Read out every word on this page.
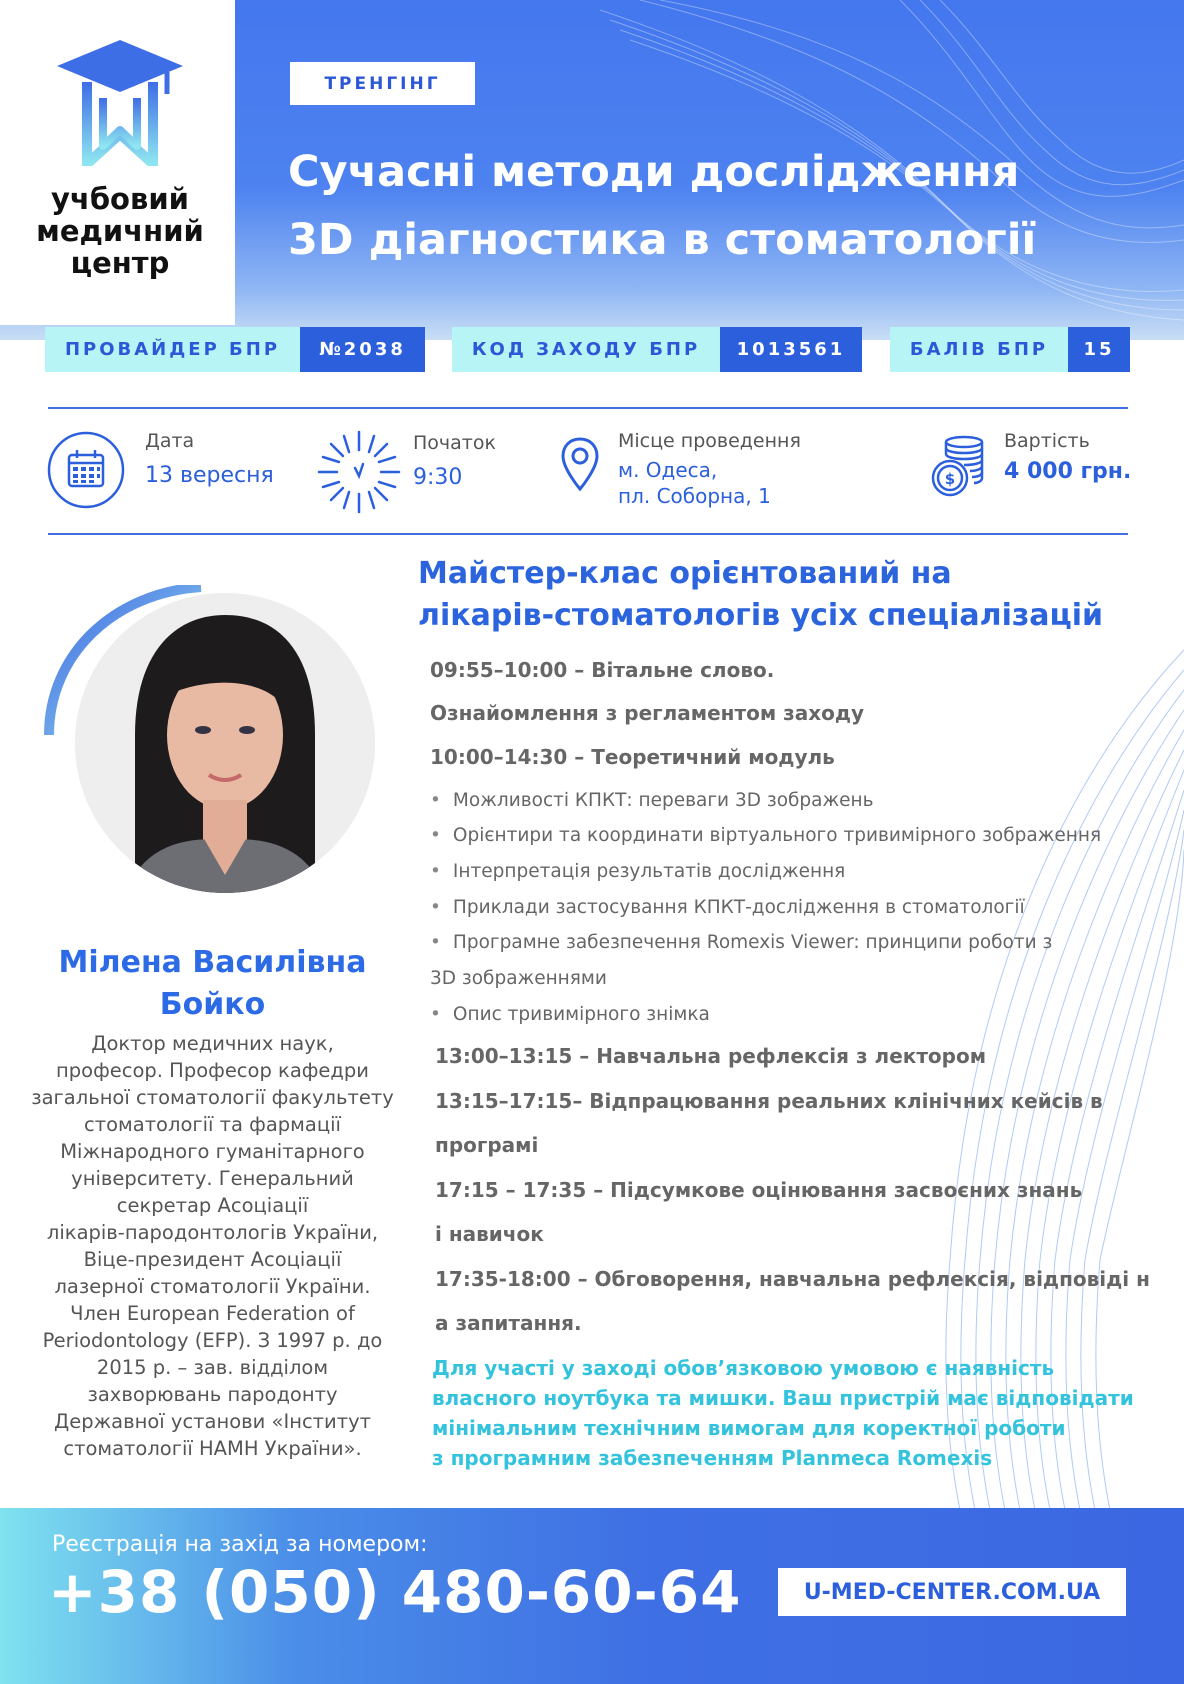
учбовий
медичний
центр
ТРЕНГІНГ
Сучасні методи дослідження
3D діагностика в стоматології
ПРОВАЙДЕР БПР	№2038	КОД ЗАХОДУ БПР	1013561	БАЛІВ БПР	15
Дата
13 вересня
Початок
9:30
Місце проведення
м. Одеса,
пл. Соборна, 1
$
Вартість
4 000 грн.
Мілена Василівна
Бойко
Доктор медичних наук,
професор. Професор кафедри
загальної стоматології факультету
стоматології та фармації
Міжнародного гуманітарного
університету. Генеральний
секретар Асоціації
лікарів-пародонтологів України,
Віце-президент Асоціації
лазерної стоматології України.
Член European Federation of
Periodontology (EFP). З 1997 р. до
2015 р. – зав. відділом
захворювань пародонту
Державної установи «Інститут
стоматології НАМН України».
Майстер-клас орієнтований на
лікарів-стоматологів усіх спеціалізацій
09:55–10:00 – Вітальне слово.
Ознайомлення з регламентом заходу
10:00–14:30 – Теоретичний модуль
• Можливості КПКТ: переваги 3D зображень
• Орієнтири та координати віртуального тривимірного зображення
• Інтерпретація результатів дослідження
• Приклади застосування КПКТ-дослідження в стоматології
• Програмне забезпечення Romexis Viewer: принципи роботи з
3D зображеннями
• Опис тривимірного знімка
13:00–13:15 – Навчальна рефлексія з лектором
13:15–17:15– Відпрацювання реальних клінічних кейсів в
програмі
17:15 – 17:35 – Підсумкове оцінювання засвоєних знань
і навичок
17:35-18:00 – Обговорення, навчальна рефлексія, відповіді н
а запитання.
Для участі у заході обов’язковою умовою є наявність
власного ноутбука та мишки. Ваш пристрій має відповідати
мінімальним технічним вимогам для коректної роботи
з програмним забезпеченням Planmeca Romexis
Реєстрація на захід за номером:
+38 (050) 480-60-64	U-MED-CENTER.COM.UA
